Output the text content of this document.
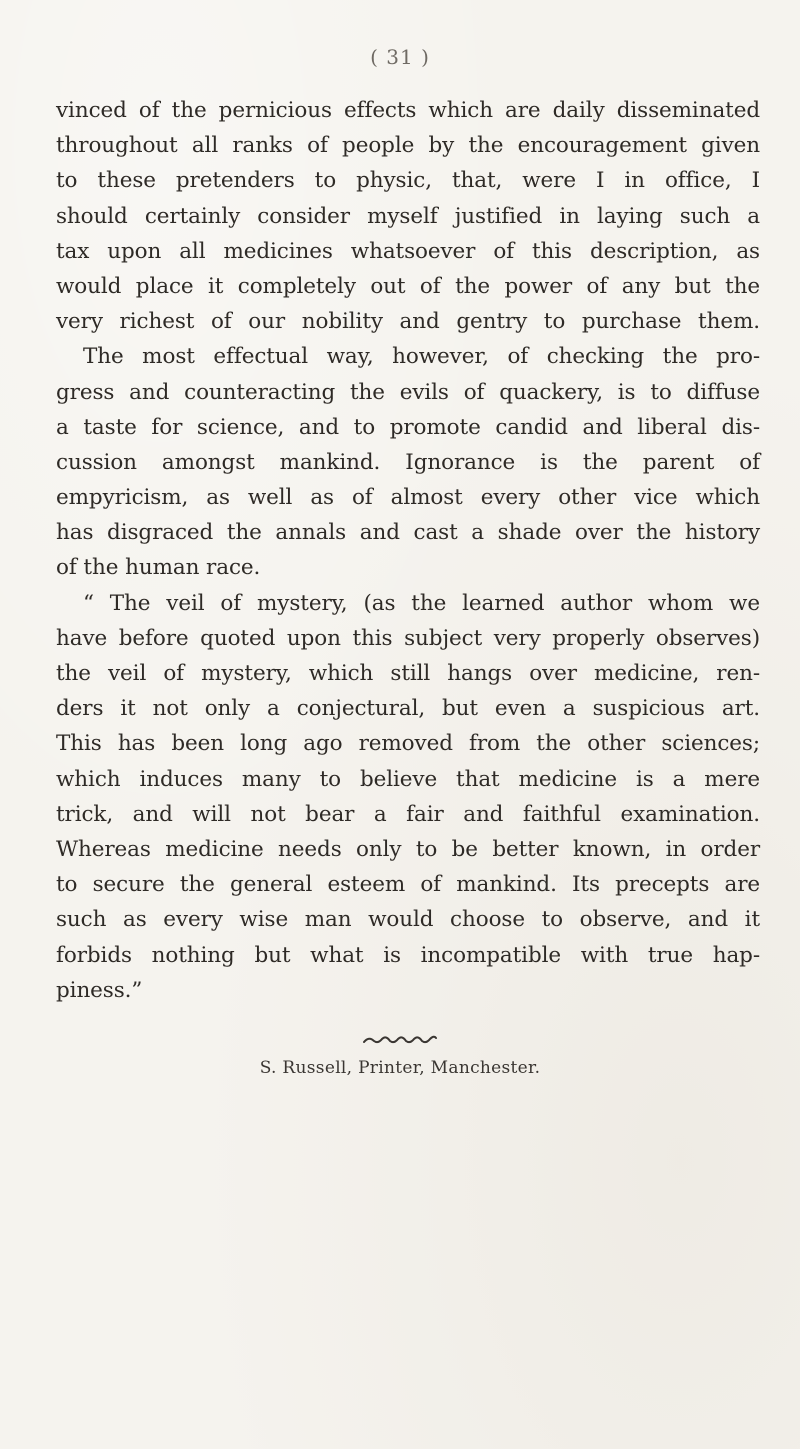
( 31 )
vinced of the pernicious effects which are daily disseminated
throughout all ranks of people by the encouragement given
to these pretenders to physic, that, were I in office, I
should certainly consider myself justified in laying such a
tax upon all medicines whatsoever of this description, as
would place it completely out of the power of any but the
very richest of our nobility and gentry to purchase them.
The most effectual way, however, of checking the pro-
gress and counteracting the evils of quackery, is to diffuse
a taste for science, and to promote candid and liberal dis-
cussion amongst mankind. Ignorance is the parent of
empyricism, as well as of almost every other vice which
has disgraced the annals and cast a shade over the history
of the human race.
“ The veil of mystery, (as the learned author whom we
have before quoted upon this subject very properly observes)
the veil of mystery, which still hangs over medicine, ren-
ders it not only a conjectural, but even a suspicious art.
This has been long ago removed from the other sciences;
which induces many to believe that medicine is a mere
trick, and will not bear a fair and faithful examination.
Whereas medicine needs only to be better known, in order
to secure the general esteem of mankind. Its precepts are
such as every wise man would choose to observe, and it
forbids nothing but what is incompatible with true hap-
piness.”
S. Russell, Printer, Manchester.
